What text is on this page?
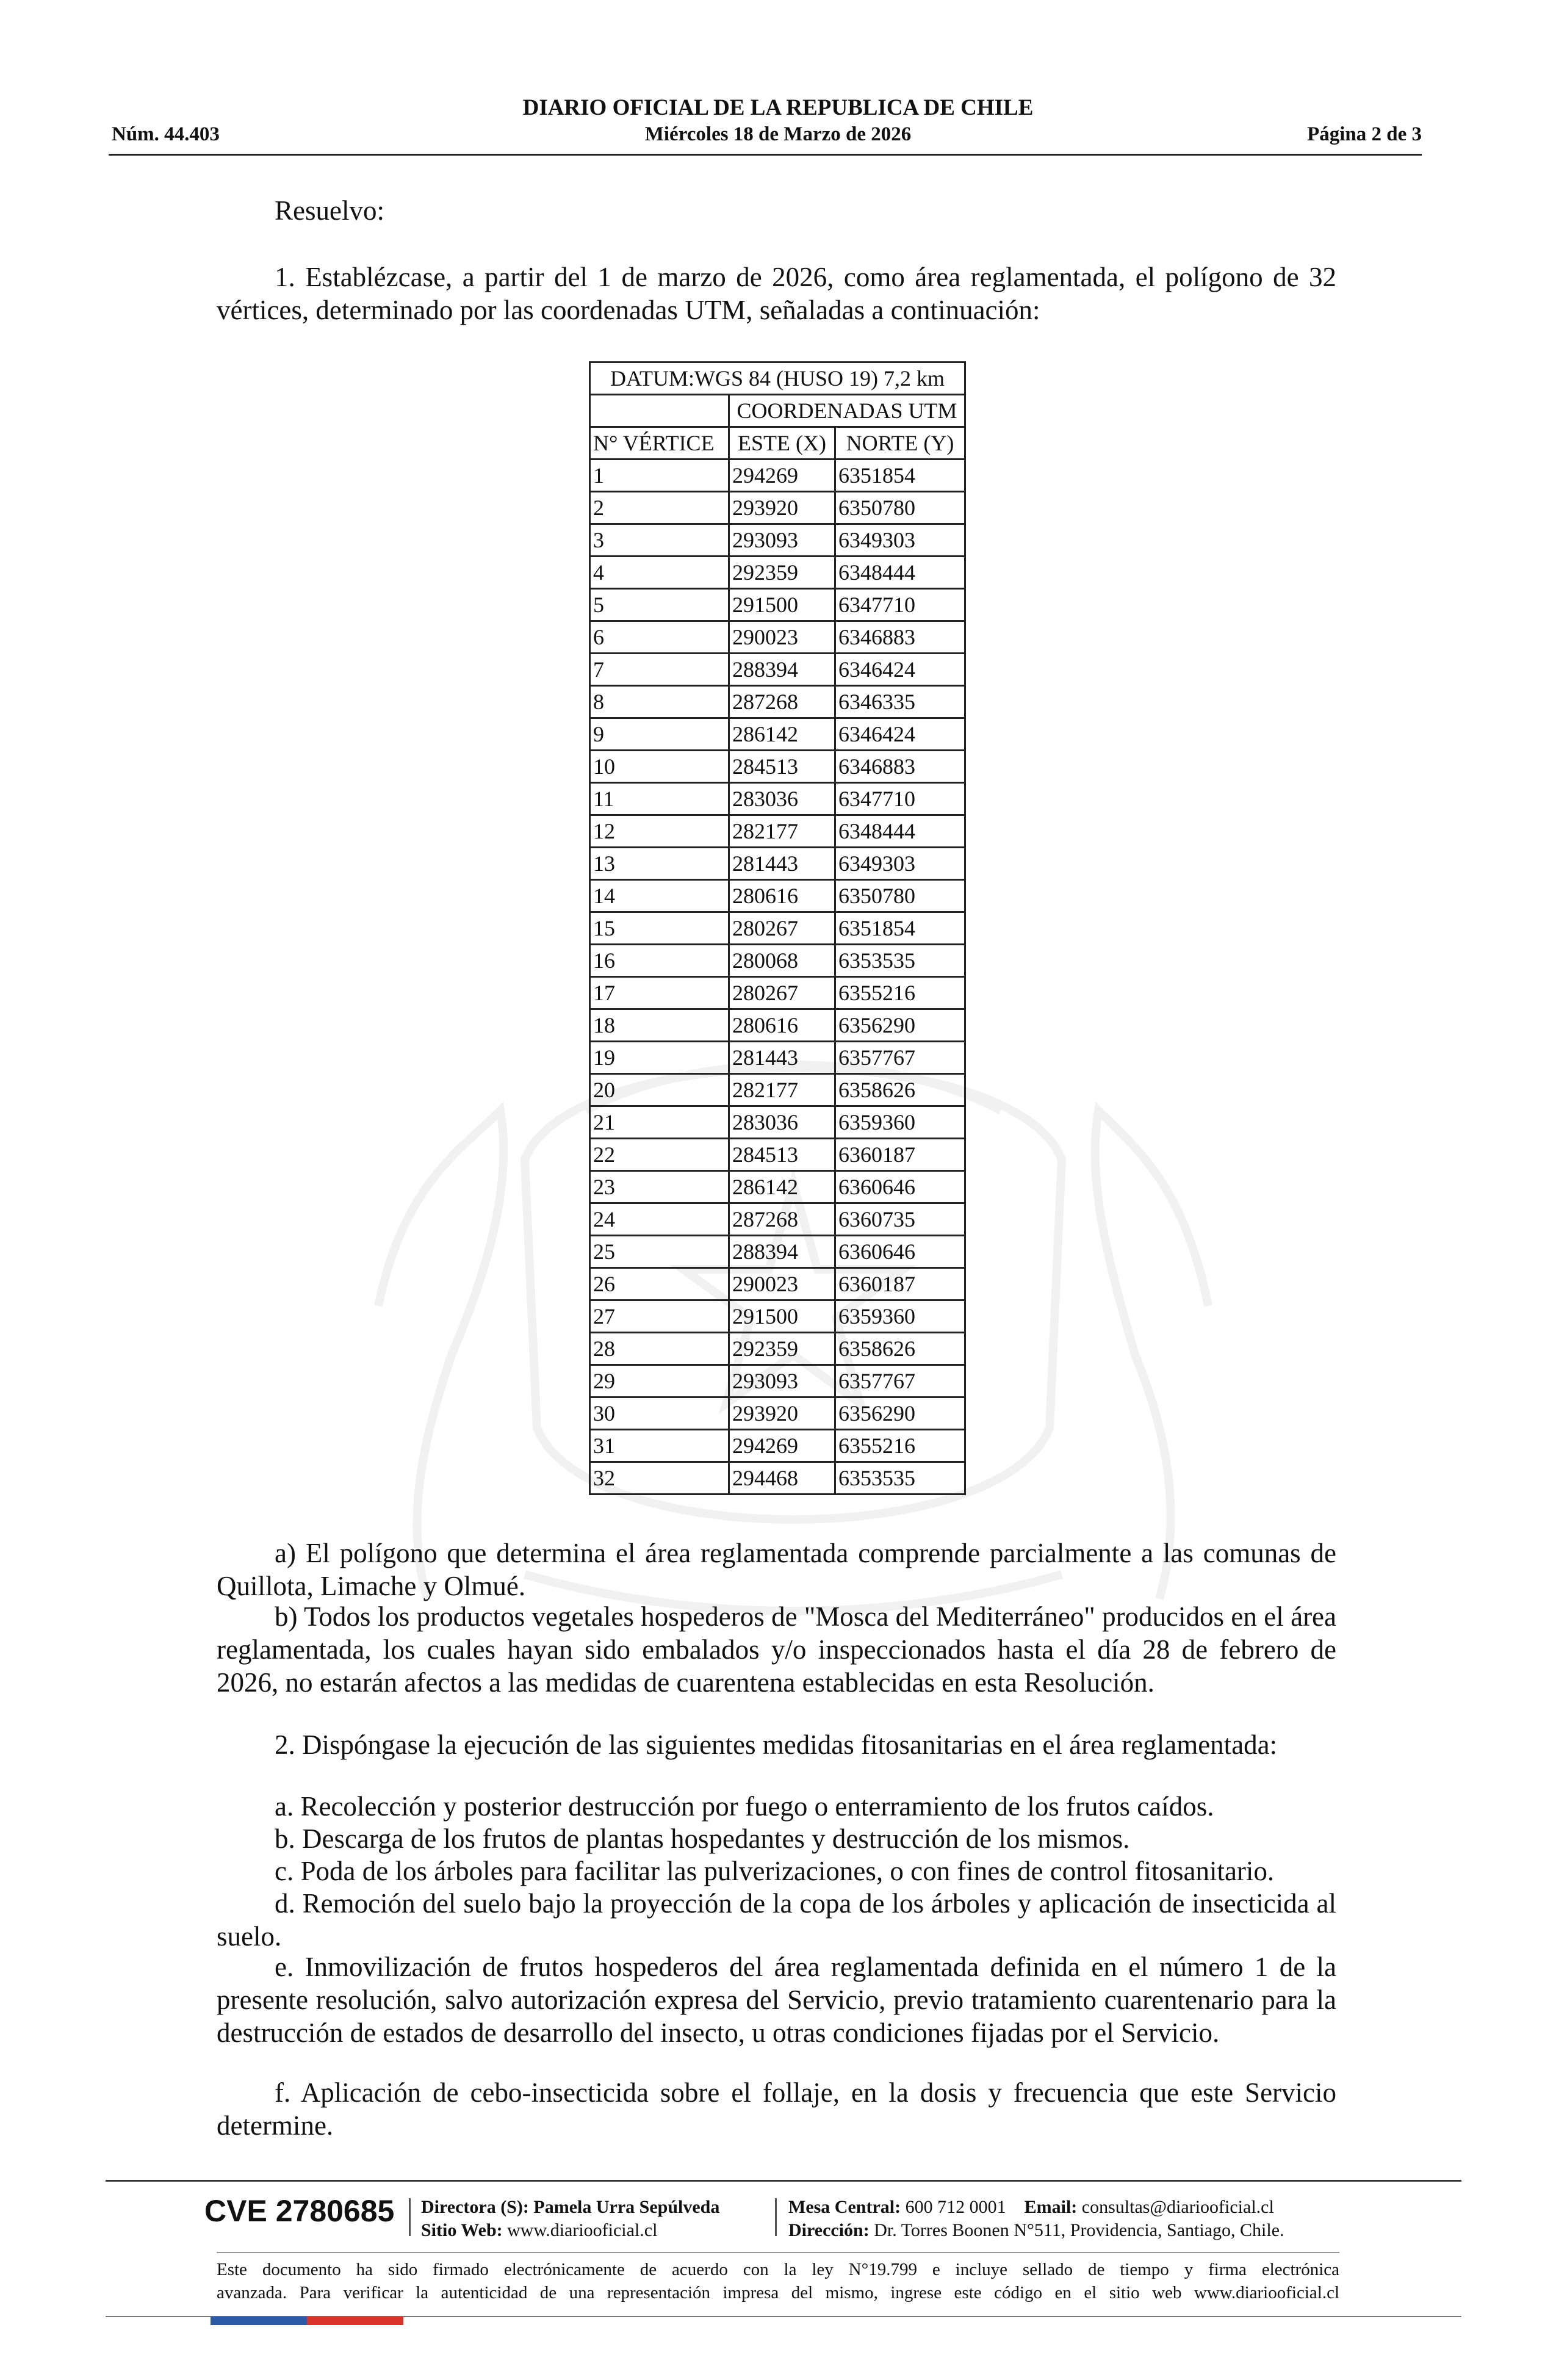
DIARIO OFICIAL DE LA REPUBLICA DE CHILE
Núm. 44.403	Miércoles 18 de Marzo de 2026	Página 2 de 3
Resuelvo:
1. Establézcase, a partir del 1 de marzo de 2026, como área reglamentada, el polígono de 32 vértices, determinado por las coordenadas UTM, señaladas a continuación:
DATUM:WGS 84 (HUSO 19) 7,2 km		
	COORDENADAS UTM	
N° VÉRTICE	ESTE (X)	NORTE (Y)
1	294269	6351854
2	293920	6350780
3	293093	6349303
4	292359	6348444
5	291500	6347710
6	290023	6346883
7	288394	6346424
8	287268	6346335
9	286142	6346424
10	284513	6346883
11	283036	6347710
12	282177	6348444
13	281443	6349303
14	280616	6350780
15	280267	6351854
16	280068	6353535
17	280267	6355216
18	280616	6356290
19	281443	6357767
20	282177	6358626
21	283036	6359360
22	284513	6360187
23	286142	6360646
24	287268	6360735
25	288394	6360646
26	290023	6360187
27	291500	6359360
28	292359	6358626
29	293093	6357767
30	293920	6356290
31	294269	6355216
32	294468	6353535
a) El polígono que determina el área reglamentada comprende parcialmente a las comunas de Quillota, Limache y Olmué.
b) Todos los productos vegetales hospederos de "Mosca del Mediterráneo" producidos en el área reglamentada, los cuales hayan sido embalados y/o inspeccionados hasta el día 28 de febrero de 2026, no estarán afectos a las medidas de cuarentena establecidas en esta Resolución.
2. Dispóngase la ejecución de las siguientes medidas fitosanitarias en el área reglamentada:
a. Recolección y posterior destrucción por fuego o enterramiento de los frutos caídos.
b. Descarga de los frutos de plantas hospedantes y destrucción de los mismos.
c. Poda de los árboles para facilitar las pulverizaciones, o con fines de control fitosanitario.
d. Remoción del suelo bajo la proyección de la copa de los árboles y aplicación de insecticida al suelo.
e. Inmovilización de frutos hospederos del área reglamentada definida en el número 1 de la presente resolución, salvo autorización expresa del Servicio, previo tratamiento cuarentenario para la destrucción de estados de desarrollo del insecto, u otras condiciones fijadas por el Servicio.
f. Aplicación de cebo-insecticida sobre el follaje, en la dosis y frecuencia que este Servicio determine.
CVE 2780685 Directora (S): Pamela Urra Sepúlveda
Sitio Web: www.diariooficial.cl
Mesa Central: 600 712 0001 Email: consultas@diariooficial.cl
Dirección: Dr. Torres Boonen N°511, Providencia, Santiago, Chile.
Este documento ha sido firmado electrónicamente de acuerdo con la ley N°19.799 e incluye sellado de tiempo y firma electrónica
avanzada. Para verificar la autenticidad de una representación impresa del mismo, ingrese este código en el sitio web www.diariooficial.cl
